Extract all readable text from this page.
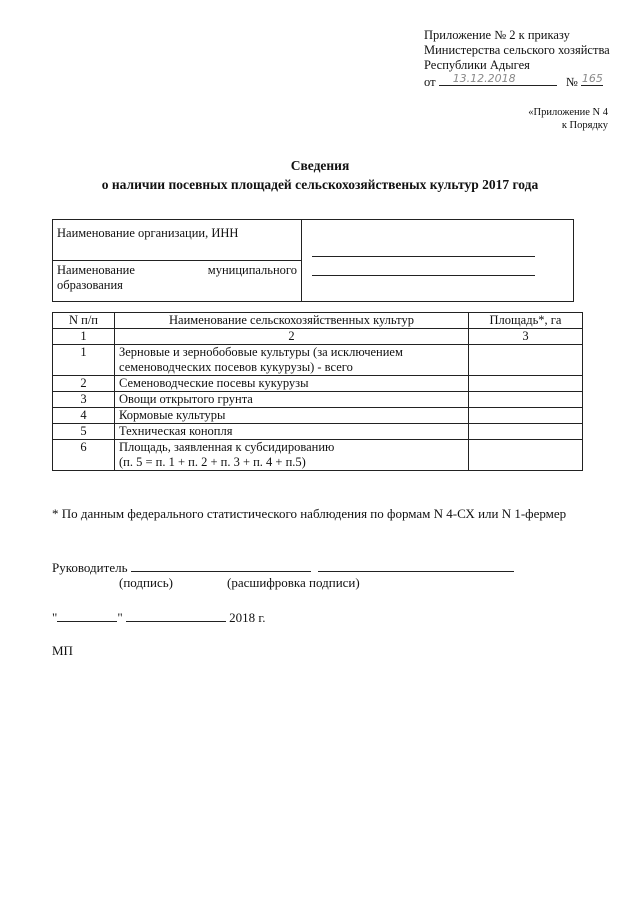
Приложение № 2 к приказу
Министерства сельского хозяйства
Республики Адыгея
от 13.12.2018	№ 165
«Приложение N 4
к Порядку
Сведения
о наличии посевных площадей сельскохозяйственых культур 2017 года
Наименование организации, ИНН	

Наименование	муниципального
образования
N п/п	Наименование сельскохозяйственных культур	Площадь*, га
1	2	3
1	Зерновые и зернобобовые культуры (за исключением
семеноводческих посевов кукурузы) - всего	

2	Семеноводческие посевы кукурузы	
3	Овощи открытого грунта	
4	Кормовые культуры	
5	Техническая конопля	
6	Площадь, заявленная к субсидированию
(п. 5 = п. 1 + п. 2 + п. 3 + п. 4 + п.5)	

* По данным федерального статистического наблюдения по формам N 4-СХ или N 1-фермер
Руководитель
(подпись)	(расшифровка подписи)
"	"	2018 г.
МП
